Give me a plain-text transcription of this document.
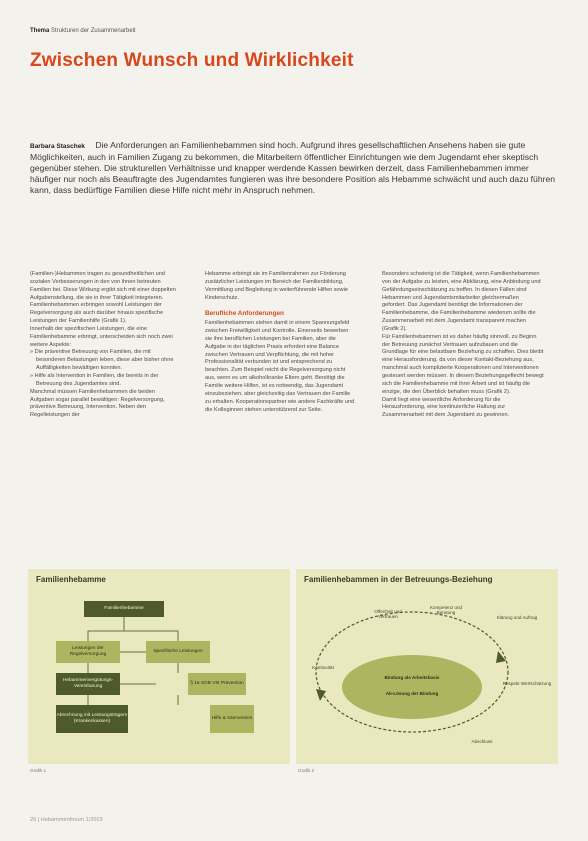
Thema Strukturen der Zusammenarbeit
Zwischen Wunsch und Wirklichkeit
Barbara Staschek Die Anforderungen an Familienhebammen sind hoch. Aufgrund ihres gesellschaftlichen Ansehens haben sie gute Möglichkeiten, auch in Familien Zugang zu bekommen, die Mitarbeitern öffentlicher Einrichtungen wie dem Jugendamt eher skeptisch gegenüber stehen. Die strukturellen Verhältnisse und knapper werdende Kassen bewirken derzeit, dass Familienhebammen immer häufiger nur noch als Beauftragte des Jugendamtes fungieren was ihre besondere Position als Hebamme schwächt und auch dazu führen kann, dass bedürftige Familien diese Hilfe nicht mehr in Anspruch nehmen.

(Familien-)Hebammen tragen zu gesundheitlichen und sozialen Verbesserungen in den von ihnen betreuten Familien bei. Diese Wirkung ergibt sich mit einer doppelten Aufgabenstellung, die sie in ihrer Tätigkeit integrieren.

Familienhebammen erbringen sowohl Leistungen der Regelversorgung als auch darüber hinaus spezifische Leistungen der Familienhilfe (Grafik 1).

Innerhalb der spezifischen Leistungen, die eine Familienhebamme erbringt, unterscheiden sich noch zwei weitere Aspekte:

» Die präventive Betreuung von Familien, die mit besonderen Belastungen leben, diese aber bisher ohne Auffälligkeiten bewältigen konnten.

» Hilfe als Intervention in Familien, die bereits in der Betreuung des Jugendamtes sind.

Manchmal müssen Familienhebammen die beiden Aufgaben sogar parallel bewältigen: Regelversorgung, präventive Betreuung, Intervention. Neben den Regelleistungen der

Hebamme erbringt sie im Familienrahmen zur Förderung zusätzlicher Leistungen im Bereich der Familienbildung, Vermittlung und Begleitung in weiterführende Hilfen sowie Kinderschutz.

Berufliche Anforderungen

Familienhebammen stehen damit in einem Spannungsfeld zwischen Freiwilligkeit und Kontrolle. Einerseits bewerben sie ihre beruflichen Leistungen bei Familien, aber die Aufgabe in der täglichen Praxis erfordert eine Balance zwischen Vertrauen und Verpflichtung, die mit hoher Professionalität verbunden ist und entsprechend zu beachten. Zum Beispiel reicht die Regelversorgung nicht aus, wenn es um alkoholkranke Eltern geht. Benötigt die Familie weitere Hilfen, ist es notwendig, das Jugendamt einzubeziehen, aber gleichzeitig das Vertrauen der Familie zu erhalten. Kooperationspartner wie andere Fachkräfte und die Kolleginnen stehen unterstützend zur Seite.

Besonders schwierig ist die Tätigkeit, wenn Familienhebammen von der Aufgabe zu leisten, eine Abklärung, eine Anbindung und Gefährdungseinschätzung zu treffen. In diesen Fällen sind Hebammen und Jugendamtsmitarbeiter gleichermaßen gefordert. Das Jugendamt benötigt die Informationen der Familienhebamme, die Familienhebamme wiederum sollte die Zusammenarbeit mit dem Jugendamt transparent machen (Grafik 2).

Für Familienhebammen ist es daher häufig sinnvoll, zu Beginn der Betreuung zunächst Vertrauen aufzubauen und die Grundlage für eine belastbare Beziehung zu schaffen. Dies bleibt eine Herausforderung, da von dieser Kontakt-Beziehung aus, manchmal auch komplizierte Kooperationen und Interventionen gesteuert werden müssen. In diesem Beziehungsgeflecht bewegt sich die Familienhebamme mit ihrer Arbeit und ist häufig die einzige, die den Überblick behalten muss (Grafik 2).

Damit liegt eine wesentliche Anforderung für die Herausforderung, eine kontinuierliche Haltung zur Zusammenarbeit mit dem Jugendamt zu gewinnen.

Familienhebamme
Familienhebamme
Leistungen der Regelversorgung
Spezifische Leistungen
Hebammenvergütungs-Vereinbarung
§ 16 SGB VIII Prävention
Abrechnung mit Leistungsträgern (Krankenkassen)
Hilfe & Intervention
Familienhebammen in der Betreuungs-Beziehung
Offenheit und Vertrauen
Kompetenz und Beratung
Klärung und Auftrag
Respekt Wertschätzung
Kontinuität
Abschluss
Bindung als Arbeitsbasis
Ab-Lösung der Bindung
Grafik 1	Grafik 2
26 | Hebammenforum 1/2019
